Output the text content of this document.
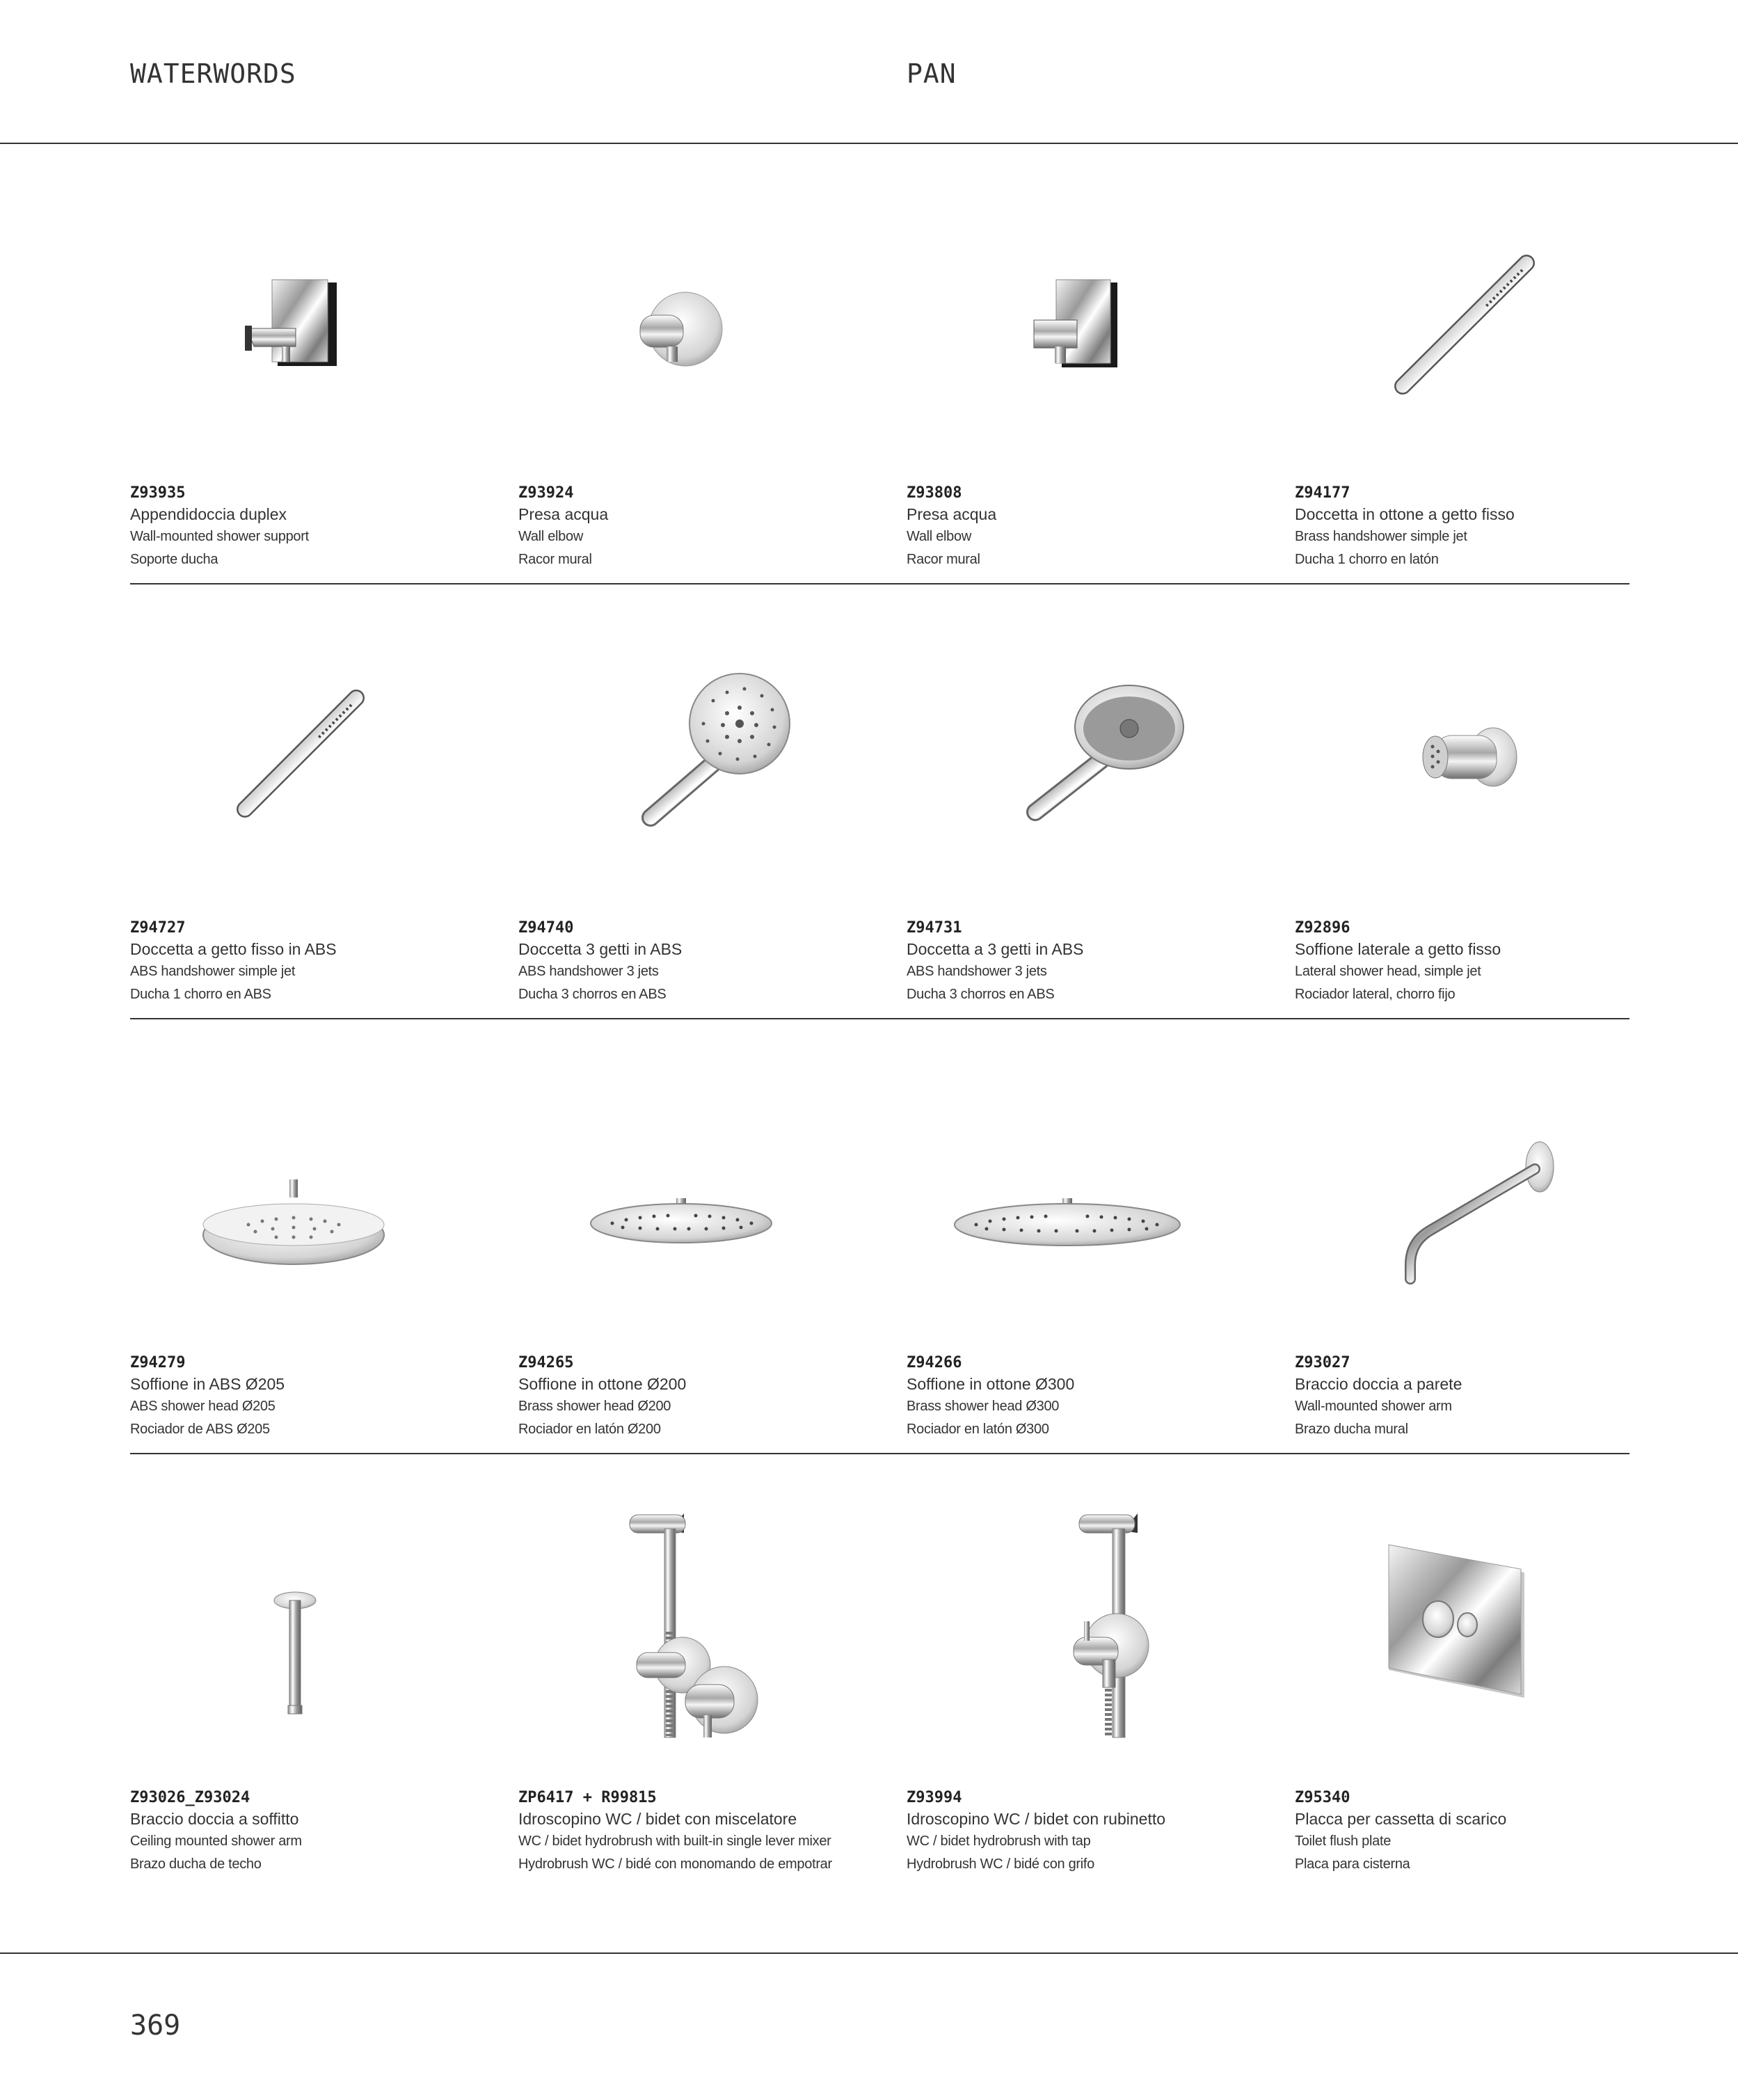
WATERWORDS	PAN
Z93935
Appendidoccia duplex
Wall-mounted shower support
Soporte ducha
Z93924
Presa acqua
Wall elbow
Racor mural
Z93808
Presa acqua
Wall elbow
Racor mural
Z94177
Doccetta in ottone a getto fisso
Brass handshower simple jet
Ducha 1 chorro en latón
Z94727
Doccetta a getto fisso in ABS
ABS handshower simple jet
Ducha 1 chorro en ABS
Z94740
Doccetta 3 getti in ABS
ABS handshower 3 jets
Ducha 3 chorros en ABS
Z94731
Doccetta a 3 getti in ABS
ABS handshower 3 jets
Ducha 3 chorros en ABS
Z92896
Soffione laterale a getto fisso
Lateral shower head, simple jet
Rociador lateral, chorro fijo
Z94279
Soffione in ABS Ø205
ABS shower head Ø205
Rociador de ABS Ø205
Z94265
Soffione in ottone Ø200
Brass shower head Ø200
Rociador en latón Ø200
Z94266
Soffione in ottone Ø300
Brass shower head Ø300
Rociador en latón Ø300
Z93027
Braccio doccia a parete
Wall-mounted shower arm
Brazo ducha mural
Z93026_Z93024
Braccio doccia a soffitto
Ceiling mounted shower arm
Brazo ducha de techo
ZP6417 + R99815
Idroscopino WC / bidet con miscelatore
WC / bidet hydrobrush with built-in single lever mixer
Hydrobrush WC / bidé con monomando de empotrar
Z93994
Idroscopino WC / bidet con rubinetto
WC / bidet hydrobrush with tap
Hydrobrush WC / bidé con grifo
Z95340
Placca per cassetta di scarico
Toilet flush plate
Placa para cisterna
369
